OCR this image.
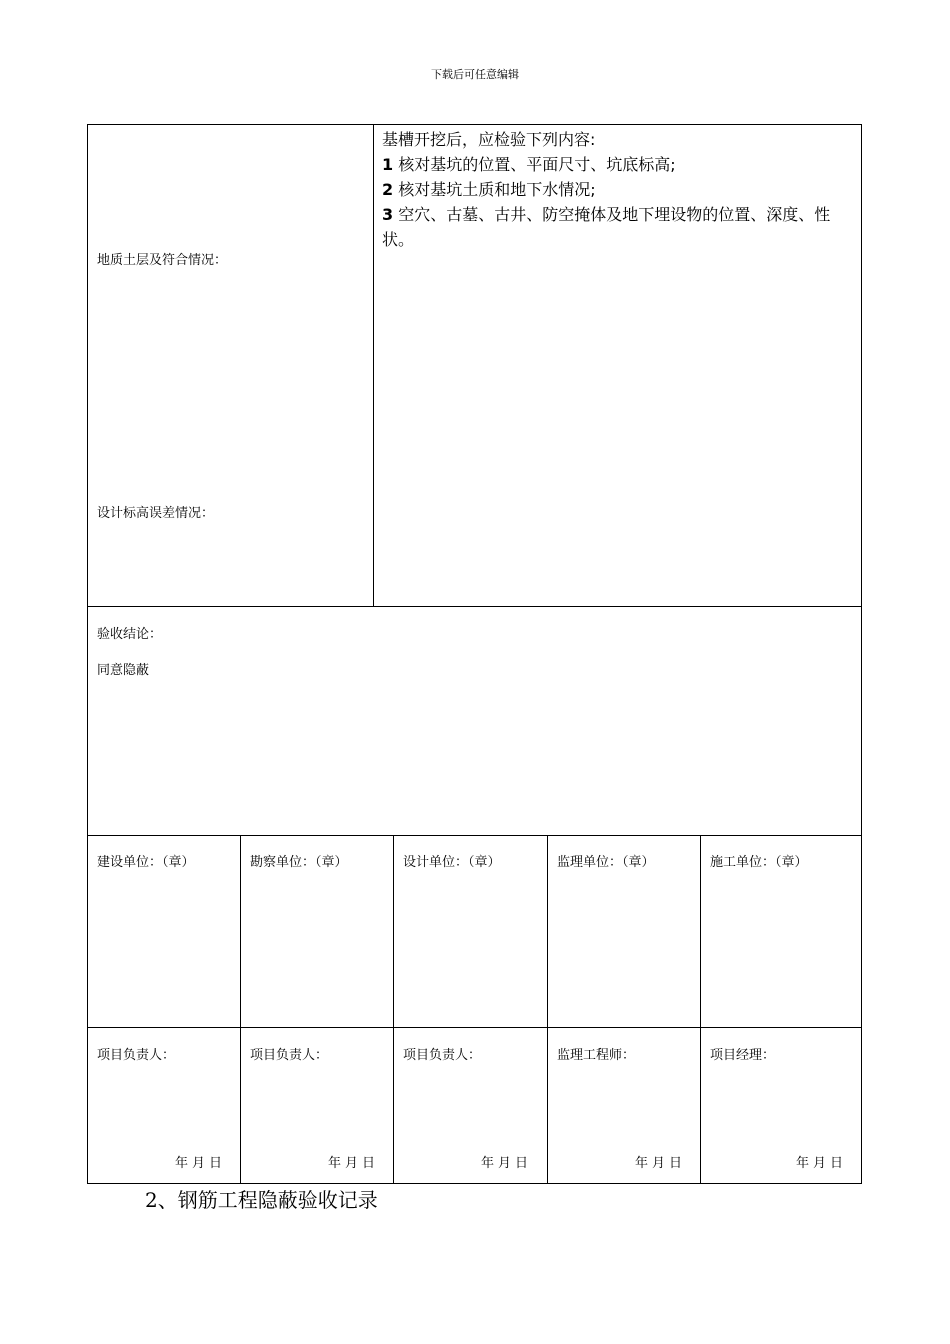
下载后可任意编辑
地质土层及符合情况：
设计标高误差情况：
基槽开挖后，应检验下列内容:
1 核对基坑的位置、平面尺寸、坑底标高;
2 核对基坑土质和地下水情况;
3 空穴、古墓、古井、防空掩体及地下埋设物的位置、深度、性状。
验收结论：
同意隐蔽
建设单位：（章）	勘察单位：（章）	设计单位：（章）	监理单位：（章）	施工单位：（章）
项目负责人：	项目负责人：	项目负责人：	监理工程师：	项目经理：
年月日	年月日	年月日	年月日	年月日
2、钢筋工程隐蔽验收记录
